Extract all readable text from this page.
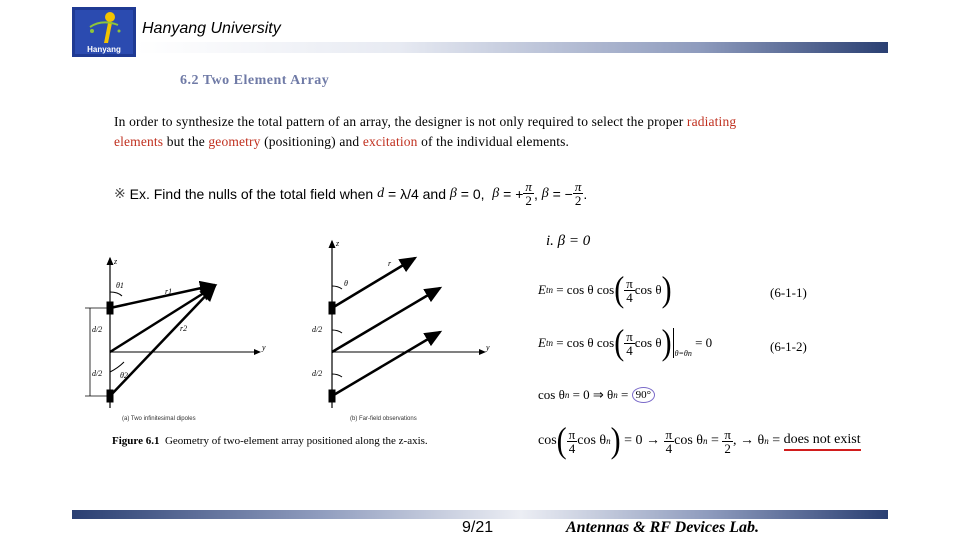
Hanyang
Hanyang University
6.2 Two Element Array
In order to synthesize the total pattern of an array, the designer is not only required to select the proper radiating
elements but the geometry (positioning) and excitation of the individual elements.
※ Ex. Find the nulls of the total field when d = λ/4 and β = 0, β = + $\frac{\pi}{2}$ , β = − $\frac{\pi}{2}$ .
i. β = 0
E tn = cos θ cos ( $\frac{\pi}{4}$ cos θ )	(6-1-1)
E tn = cos θ cos ( $\frac{\pi}{4}$ cos θ ) $_{\theta=\theta n}$
= 0	(6-1-2)
cos θ n = 0 ⇒ θ n = 90°
cos ( $\frac{\pi}{4}$ cos θ n ) = $0 \to \frac{\pi}{4}$ cos θ $n = \frac{\pi}{2}$ , → θ n = does not exist
z
y
θ1
θ2
r1
r2
d/2
d/2
z
y
θ
r
d/2
d/2
(a) Two infinitesimal dipoles	(b) Far-field observations
Figure 6.1  Geometry of two-element array positioned along the z-axis.
9/21	Antennas & RF Devices Lab.
